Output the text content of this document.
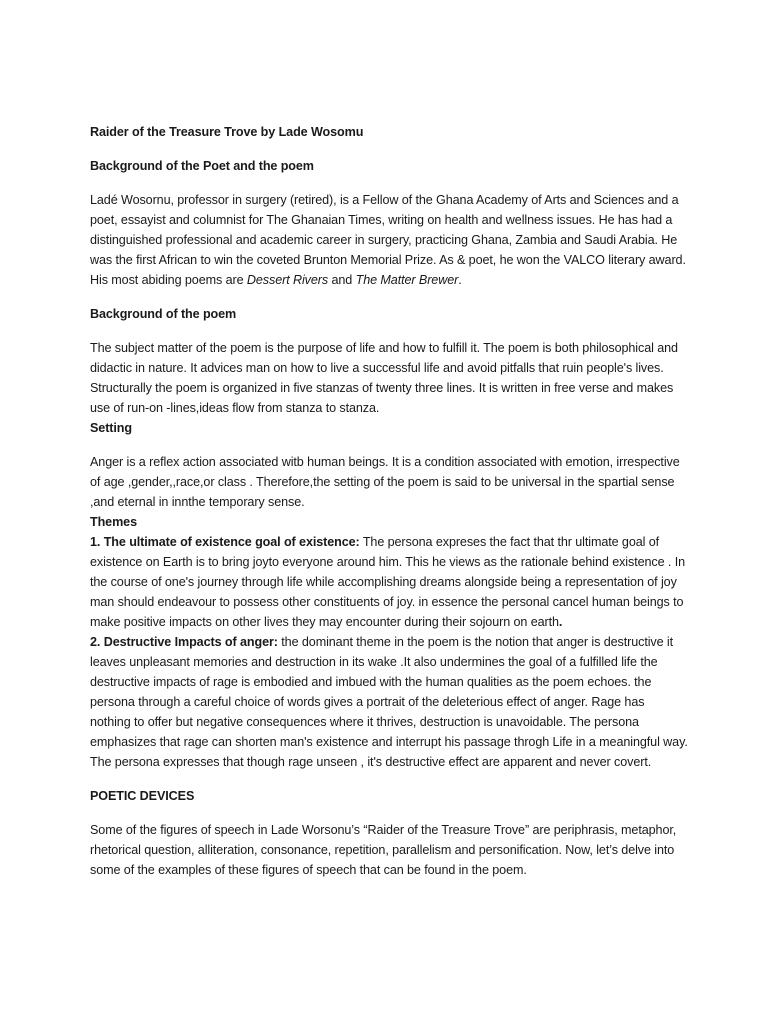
Raider of the Treasure Trove by Lade Wosomu

Background of the Poet and the poem

Ladé Wosornu, professor in surgery (retired), is a Fellow of the Ghana Academy of Arts and Sciences and a poet, essayist and columnist for The Ghanaian Times, writing on health and wellness issues. He has had a distinguished professional and academic career in surgery, practicing Ghana, Zambia and Saudi Arabia. He was the first African to win the coveted Brunton Memorial Prize. As & poet, he won the VALCO literary award. His most abiding poems are Dessert Rivers and The Matter Brewer.

Background of the poem

The subject matter of the poem is the purpose of life and how to fulfill it. The poem is both philosophical and didactic in nature. It advices man on how to live a successful life and avoid pitfalls that ruin people's lives. Structurally the poem is organized in five stanzas of twenty three lines. It is written in free verse and makes use of run-on -lines,ideas flow from stanza to stanza.

Setting

Anger is a reflex action associated witb human beings. It is a condition associated with emotion, irrespective of age ,gender,,race,or class . Therefore,the setting of the poem is said to be universal in the spartial sense ,and eternal in innthe temporary sense.

Themes

1. The ultimate of existence goal of existence: The persona expreses the fact that thr ultimate goal of existence on Earth is to bring joyto everyone around him. This he views as the rationale behind existence . In the course of one's journey through life while accomplishing dreams alongside being a representation of joy man should endeavour to possess other constituents of joy. in essence the personal cancel human beings to make positive impacts on other lives they may encounter during their sojourn on earth.

2. Destructive Impacts of anger: the dominant theme in the poem is the notion that anger is destructive it leaves unpleasant memories and destruction in its wake .It also undermines the goal of a fulfilled life the destructive impacts of rage is embodied and imbued with the human qualities as the poem echoes. the persona through a careful choice of words gives a portrait of the deleterious effect of anger. Rage has nothing to offer but negative consequences where it thrives, destruction is unavoidable. The persona emphasizes that rage can shorten man's existence and interrupt his passage throgh Life in a meaningful way. The persona expresses that though rage unseen , it's destructive effect are apparent and never covert.

POETIC DEVICES

Some of the figures of speech in Lade Worsonu’s “Raider of the Treasure Trove” are periphrasis, metaphor, rhetorical question, alliteration, consonance, repetition, parallelism and personification. Now, let’s delve into some of the examples of these figures of speech that can be found in the poem.
